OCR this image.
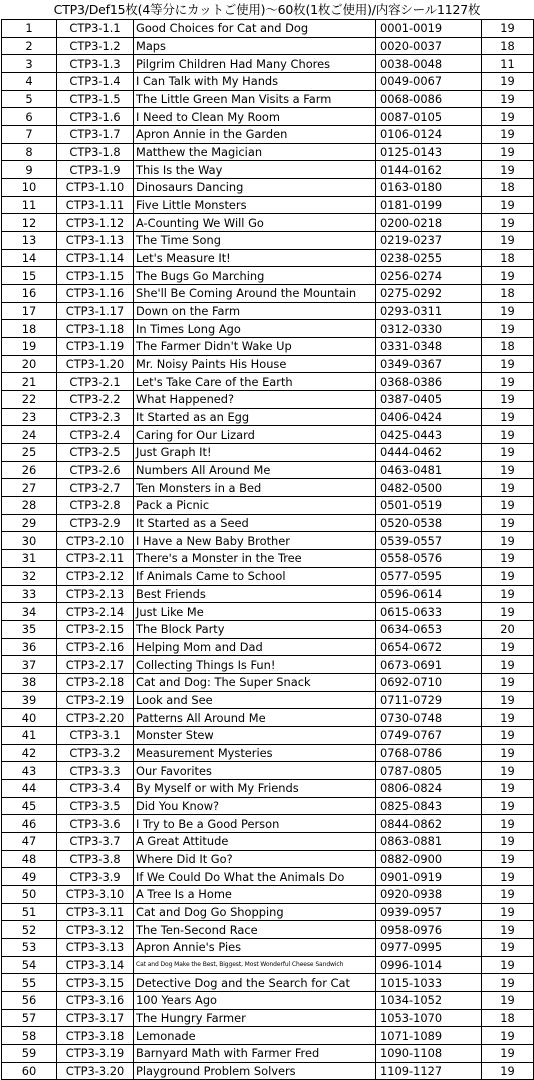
CTP3/Def15枚(4等分にカットご使用)～60枚(1枚ご使用)/内容シール1127枚
1	CTP3-1.1	Good Choices for Cat and Dog	0001-0019	19
2	CTP3-1.2	Maps	0020-0037	18
3	CTP3-1.3	Pilgrim Children Had Many Chores	0038-0048	11
4	CTP3-1.4	I Can Talk with My Hands	0049-0067	19
5	CTP3-1.5	The Little Green Man Visits a Farm	0068-0086	19
6	CTP3-1.6	I Need to Clean My Room	0087-0105	19
7	CTP3-1.7	Apron Annie in the Garden	0106-0124	19
8	CTP3-1.8	Matthew the Magician	0125-0143	19
9	CTP3-1.9	This Is the Way	0144-0162	19
10	CTP3-1.10	Dinosaurs Dancing	0163-0180	18
11	CTP3-1.11	Five Little Monsters	0181-0199	19
12	CTP3-1.12	A-Counting We Will Go	0200-0218	19
13	CTP3-1.13	The Time Song	0219-0237	19
14	CTP3-1.14	Let's Measure It!	0238-0255	18
15	CTP3-1.15	The Bugs Go Marching	0256-0274	19
16	CTP3-1.16	She'll Be Coming Around the Mountain	0275-0292	18
17	CTP3-1.17	Down on the Farm	0293-0311	19
18	CTP3-1.18	In Times Long Ago	0312-0330	19
19	CTP3-1.19	The Farmer Didn't Wake Up	0331-0348	18
20	CTP3-1.20	Mr. Noisy Paints His House	0349-0367	19
21	CTP3-2.1	Let's Take Care of the Earth	0368-0386	19
22	CTP3-2.2	What Happened?	0387-0405	19
23	CTP3-2.3	It Started as an Egg	0406-0424	19
24	CTP3-2.4	Caring for Our Lizard	0425-0443	19
25	CTP3-2.5	Just Graph It!	0444-0462	19
26	CTP3-2.6	Numbers All Around Me	0463-0481	19
27	CTP3-2.7	Ten Monsters in a Bed	0482-0500	19
28	CTP3-2.8	Pack a Picnic	0501-0519	19
29	CTP3-2.9	It Started as a Seed	0520-0538	19
30	CTP3-2.10	I Have a New Baby Brother	0539-0557	19
31	CTP3-2.11	There's a Monster in the Tree	0558-0576	19
32	CTP3-2.12	If Animals Came to School	0577-0595	19
33	CTP3-2.13	Best Friends	0596-0614	19
34	CTP3-2.14	Just Like Me	0615-0633	19
35	CTP3-2.15	The Block Party	0634-0653	20
36	CTP3-2.16	Helping Mom and Dad	0654-0672	19
37	CTP3-2.17	Collecting Things Is Fun!	0673-0691	19
38	CTP3-2.18	Cat and Dog: The Super Snack	0692-0710	19
39	CTP3-2.19	Look and See	0711-0729	19
40	CTP3-2.20	Patterns All Around Me	0730-0748	19
41	CTP3-3.1	Monster Stew	0749-0767	19
42	CTP3-3.2	Measurement Mysteries	0768-0786	19
43	CTP3-3.3	Our Favorites	0787-0805	19
44	CTP3-3.4	By Myself or with My Friends	0806-0824	19
45	CTP3-3.5	Did You Know?	0825-0843	19
46	CTP3-3.6	I Try to Be a Good Person	0844-0862	19
47	CTP3-3.7	A Great Attitude	0863-0881	19
48	CTP3-3.8	Where Did It Go?	0882-0900	19
49	CTP3-3.9	If We Could Do What the Animals Do	0901-0919	19
50	CTP3-3.10	A Tree Is a Home	0920-0938	19
51	CTP3-3.11	Cat and Dog Go Shopping	0939-0957	19
52	CTP3-3.12	The Ten-Second Race	0958-0976	19
53	CTP3-3.13	Apron Annie's Pies	0977-0995	19
54	CTP3-3.14	Cat and Dog Make the Best, Biggest, Most Wonderful Cheese Sandwich	0996-1014	19
55	CTP3-3.15	Detective Dog and the Search for Cat	1015-1033	19
56	CTP3-3.16	100 Years Ago	1034-1052	19
57	CTP3-3.17	The Hungry Farmer	1053-1070	18
58	CTP3-3.18	Lemonade	1071-1089	19
59	CTP3-3.19	Barnyard Math with Farmer Fred	1090-1108	19
60	CTP3-3.20	Playground Problem Solvers	1109-1127	19
